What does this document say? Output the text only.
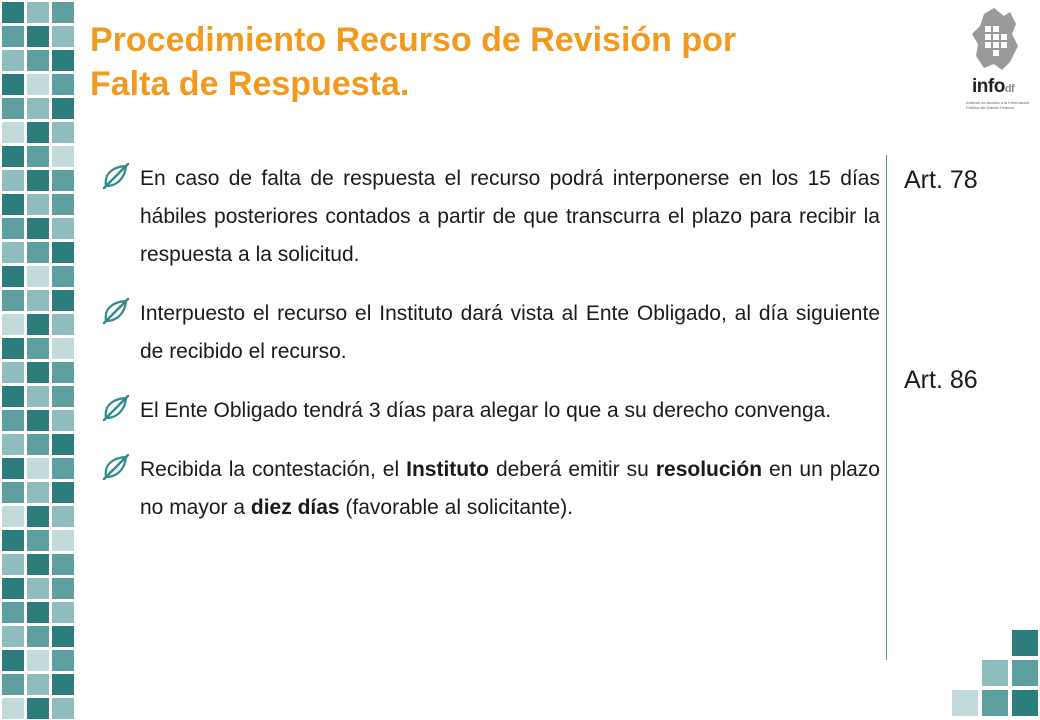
Procedimiento Recurso de Revisión por
Falta de Respuesta.	infodf
Instituto de Acceso a la Información Pública del Distrito Federal
En caso de falta de respuesta el recurso podrá interponerse en los 15 días hábiles posteriores contados a partir de que transcurra el plazo para recibir la respuesta a la solicitud.
Interpuesto el recurso el Instituto dará vista al Ente Obligado, al día siguiente de recibido el recurso.
El Ente Obligado tendrá 3 días para alegar lo que a su derecho convenga.
Recibida la contestación, el Instituto deberá emitir su resolución en un plazo no mayor a diez días (favorable al solicitante).
Art. 78
Art. 86
